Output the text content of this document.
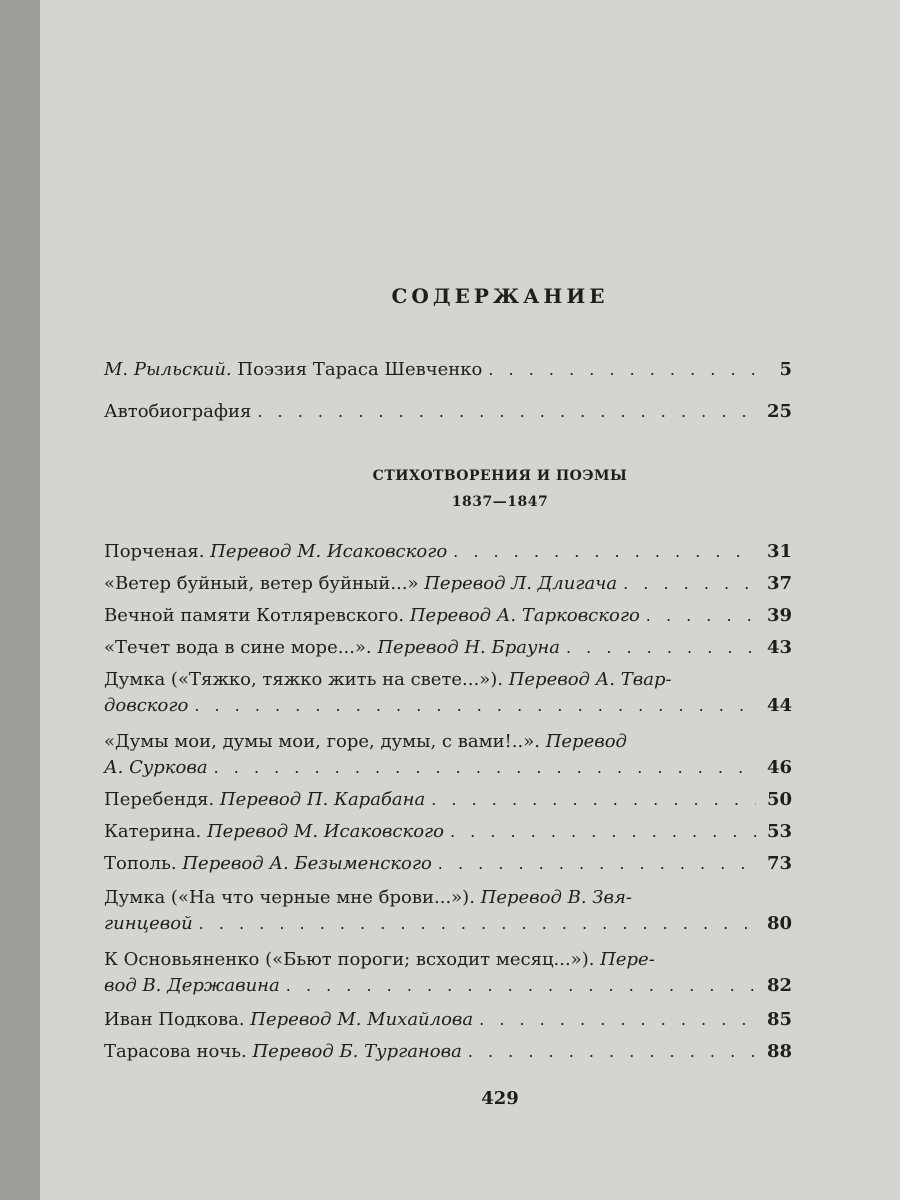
СОДЕРЖАНИЕ
М. Рыльский. Поэзия Тараса Шевченко . . .	5
Автобиография . . .	25
СТИХОТВОРЕНИЯ И ПОЭМЫ
1837—1847
Порченая. Перевод М. Исаковского . . .	31
«Ветер буйный, ветер буйный...» Перевод Л. Длигача . . .	37
Вечной памяти Котляревского. Перевод А. Тарковского . . .	39
«Течет вода в сине море...». Перевод Н. Брауна . . .	43
Думка («Тяжко, тяжко жить на свете...»). Перевод А. Твар-
довского . . .	44
«Думы мои, думы мои, горе, думы, с вами!..». Перевод
А. Суркова . . .	46
Перебендя. Перевод П. Карабана . . .	50
Катерина. Перевод М. Исаковского . . .	53
Тополь. Перевод А. Безыменского . . .	73
Думка («На что черные мне брови...»). Перевод В. Звя-
гинцевой . . .	80
К Основьяненко («Бьют пороги; всходит месяц...»). Пере-
вод В. Державина . . .	82
Иван Подкова. Перевод М. Михайлова . . .	85
Тарасова ночь. Перевод Б. Турганова . . .	88
429
